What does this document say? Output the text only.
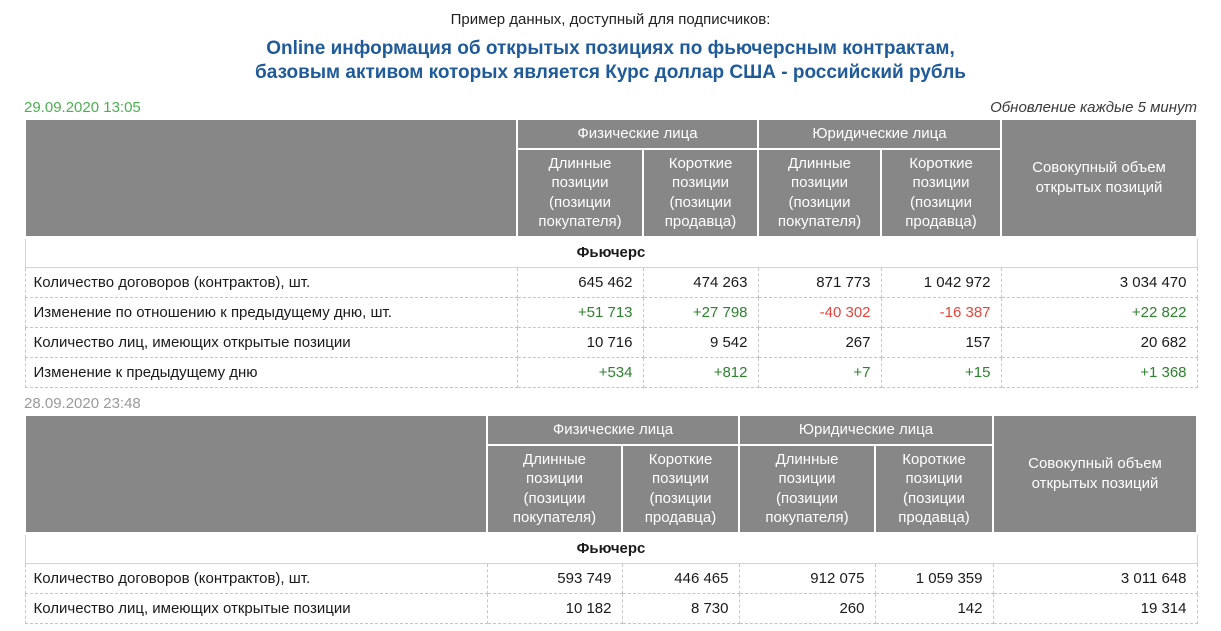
Пример данных, доступный для подписчиков:
Online информация об открытых позициях по фьючерсным контрактам,
базовым активом которых является Курс доллар США - российский рубль
29.09.2020 13:05	Обновление каждые 5 минут
	Физические лица		Юридические лица		Совокупный объем открытых позиций
	Длинные позиции (позиции покупателя)	Короткие позиции (позиции продавца)	Длинные позиции (позиции покупателя)	Короткие позиции (позиции продавца)	
Фьючерс					
Количество договоров (контрактов), шт.	645 462	474 263	871 773	1 042 972	3 034 470
Изменение по отношению к предыдущему дню, шт.	+51 713	+27 798	-40 302	-16 387	+22 822
Количество лиц, имеющих открытые позиции	10 716	9 542	267	157	20 682
Изменение к предыдущему дню	+534	+812	+7	+15	+1 368
28.09.2020 23:48
	Физические лица		Юридические лица		Совокупный объем открытых позиций
	Длинные позиции (позиции покупателя)	Короткие позиции (позиции продавца)	Длинные позиции (позиции покупателя)	Короткие позиции (позиции продавца)	
Фьючерс					
Количество договоров (контрактов), шт.	593 749	446 465	912 075	1 059 359	3 011 648
Количество лиц, имеющих открытые позиции	10 182	8 730	260	142	19 314
